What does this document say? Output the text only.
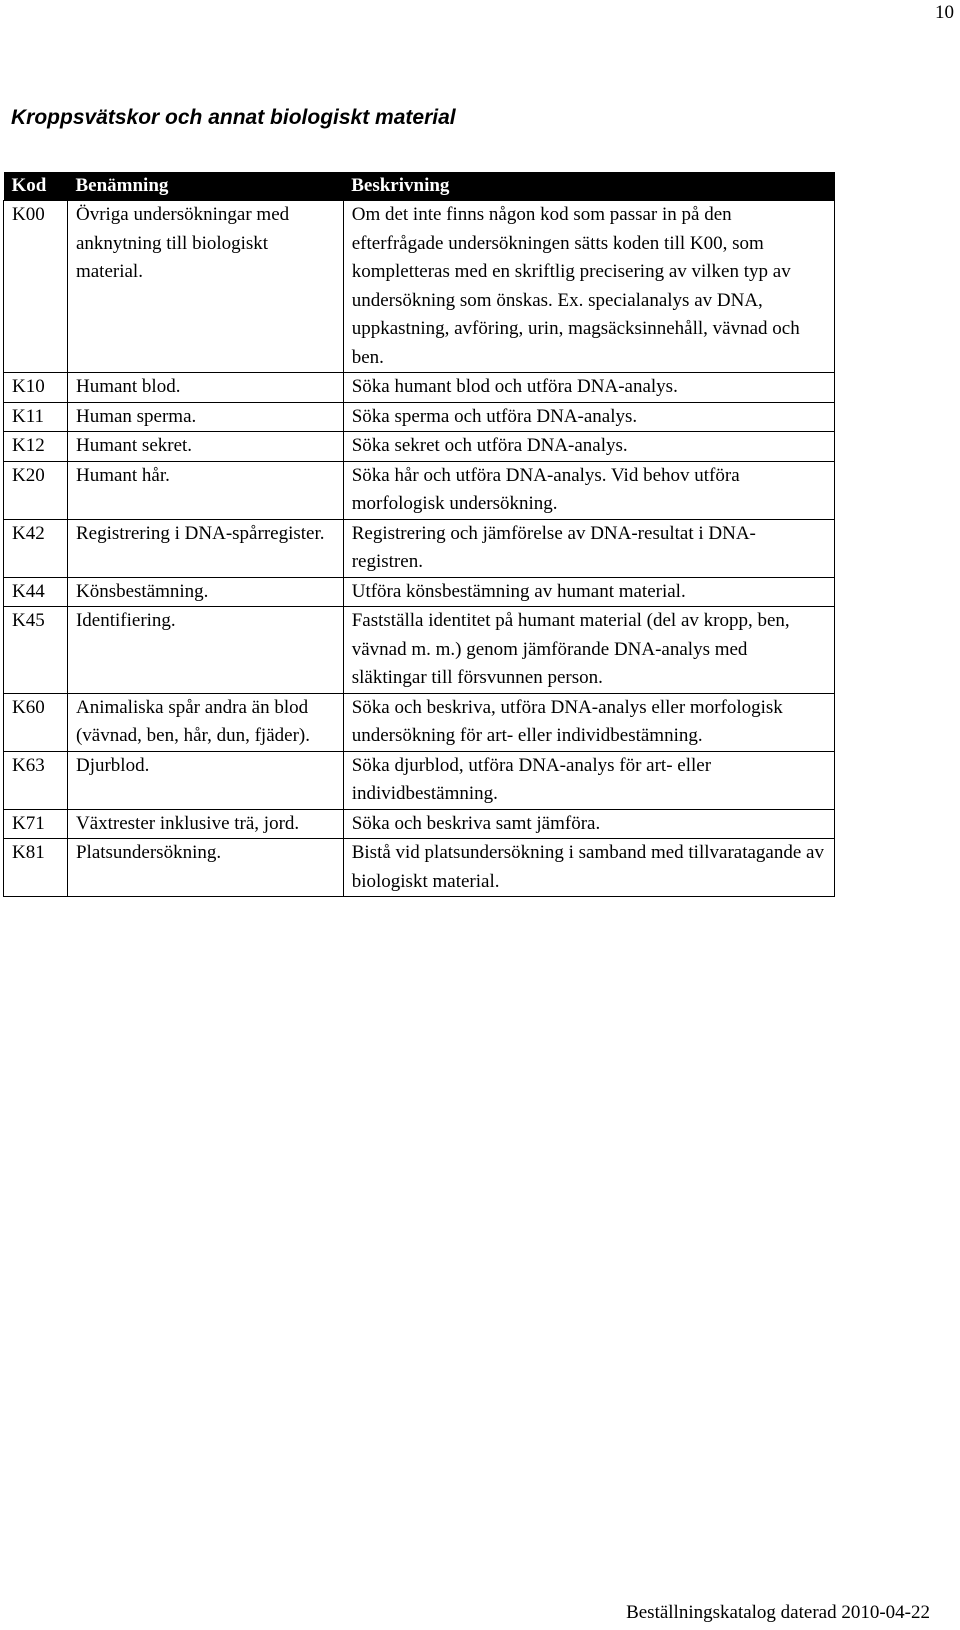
10
Kroppsvätskor och annat biologiskt material
Kod	Benämning	Beskrivning
K00	Övriga undersökningar med anknytning till biologiskt material.	Om det inte finns någon kod som passar in på den efterfrågade undersökningen sätts koden till K00, som kompletteras med en skriftlig precisering av vilken typ av undersökning som önskas. Ex. specialanalys av DNA, uppkastning, avföring, urin, magsäcksinnehåll, vävnad och ben.
K10	Humant blod.	Söka humant blod och utföra DNA-analys.
K11	Human sperma.	Söka sperma och utföra DNA-analys.
K12	Humant sekret.	Söka sekret och utföra DNA-analys.
K20	Humant hår.	Söka hår och utföra DNA-analys. Vid behov utföra morfologisk undersökning.
K42	Registrering i DNA-spårregister.	Registrering och jämförelse av DNA-resultat i DNA-registren.
K44	Könsbestämning.	Utföra könsbestämning av humant material.
K45	Identifiering.	Fastställa identitet på humant material (del av kropp, ben, vävnad m. m.) genom jämförande DNA-analys med släktingar till försvunnen person.
K60	Animaliska spår andra än blod (vävnad, ben, hår, dun, fjäder).	Söka och beskriva, utföra DNA-analys eller morfologisk undersökning för art- eller individbestämning.
K63	Djurblod.	Söka djurblod, utföra DNA-analys för art- eller individbestämning.
K71	Växtrester inklusive trä, jord.	Söka och beskriva samt jämföra.
K81	Platsundersökning.	Bistå vid platsundersökning i samband med tillvaratagande av biologiskt material.
Beställningskatalog daterad 2010-04-22
